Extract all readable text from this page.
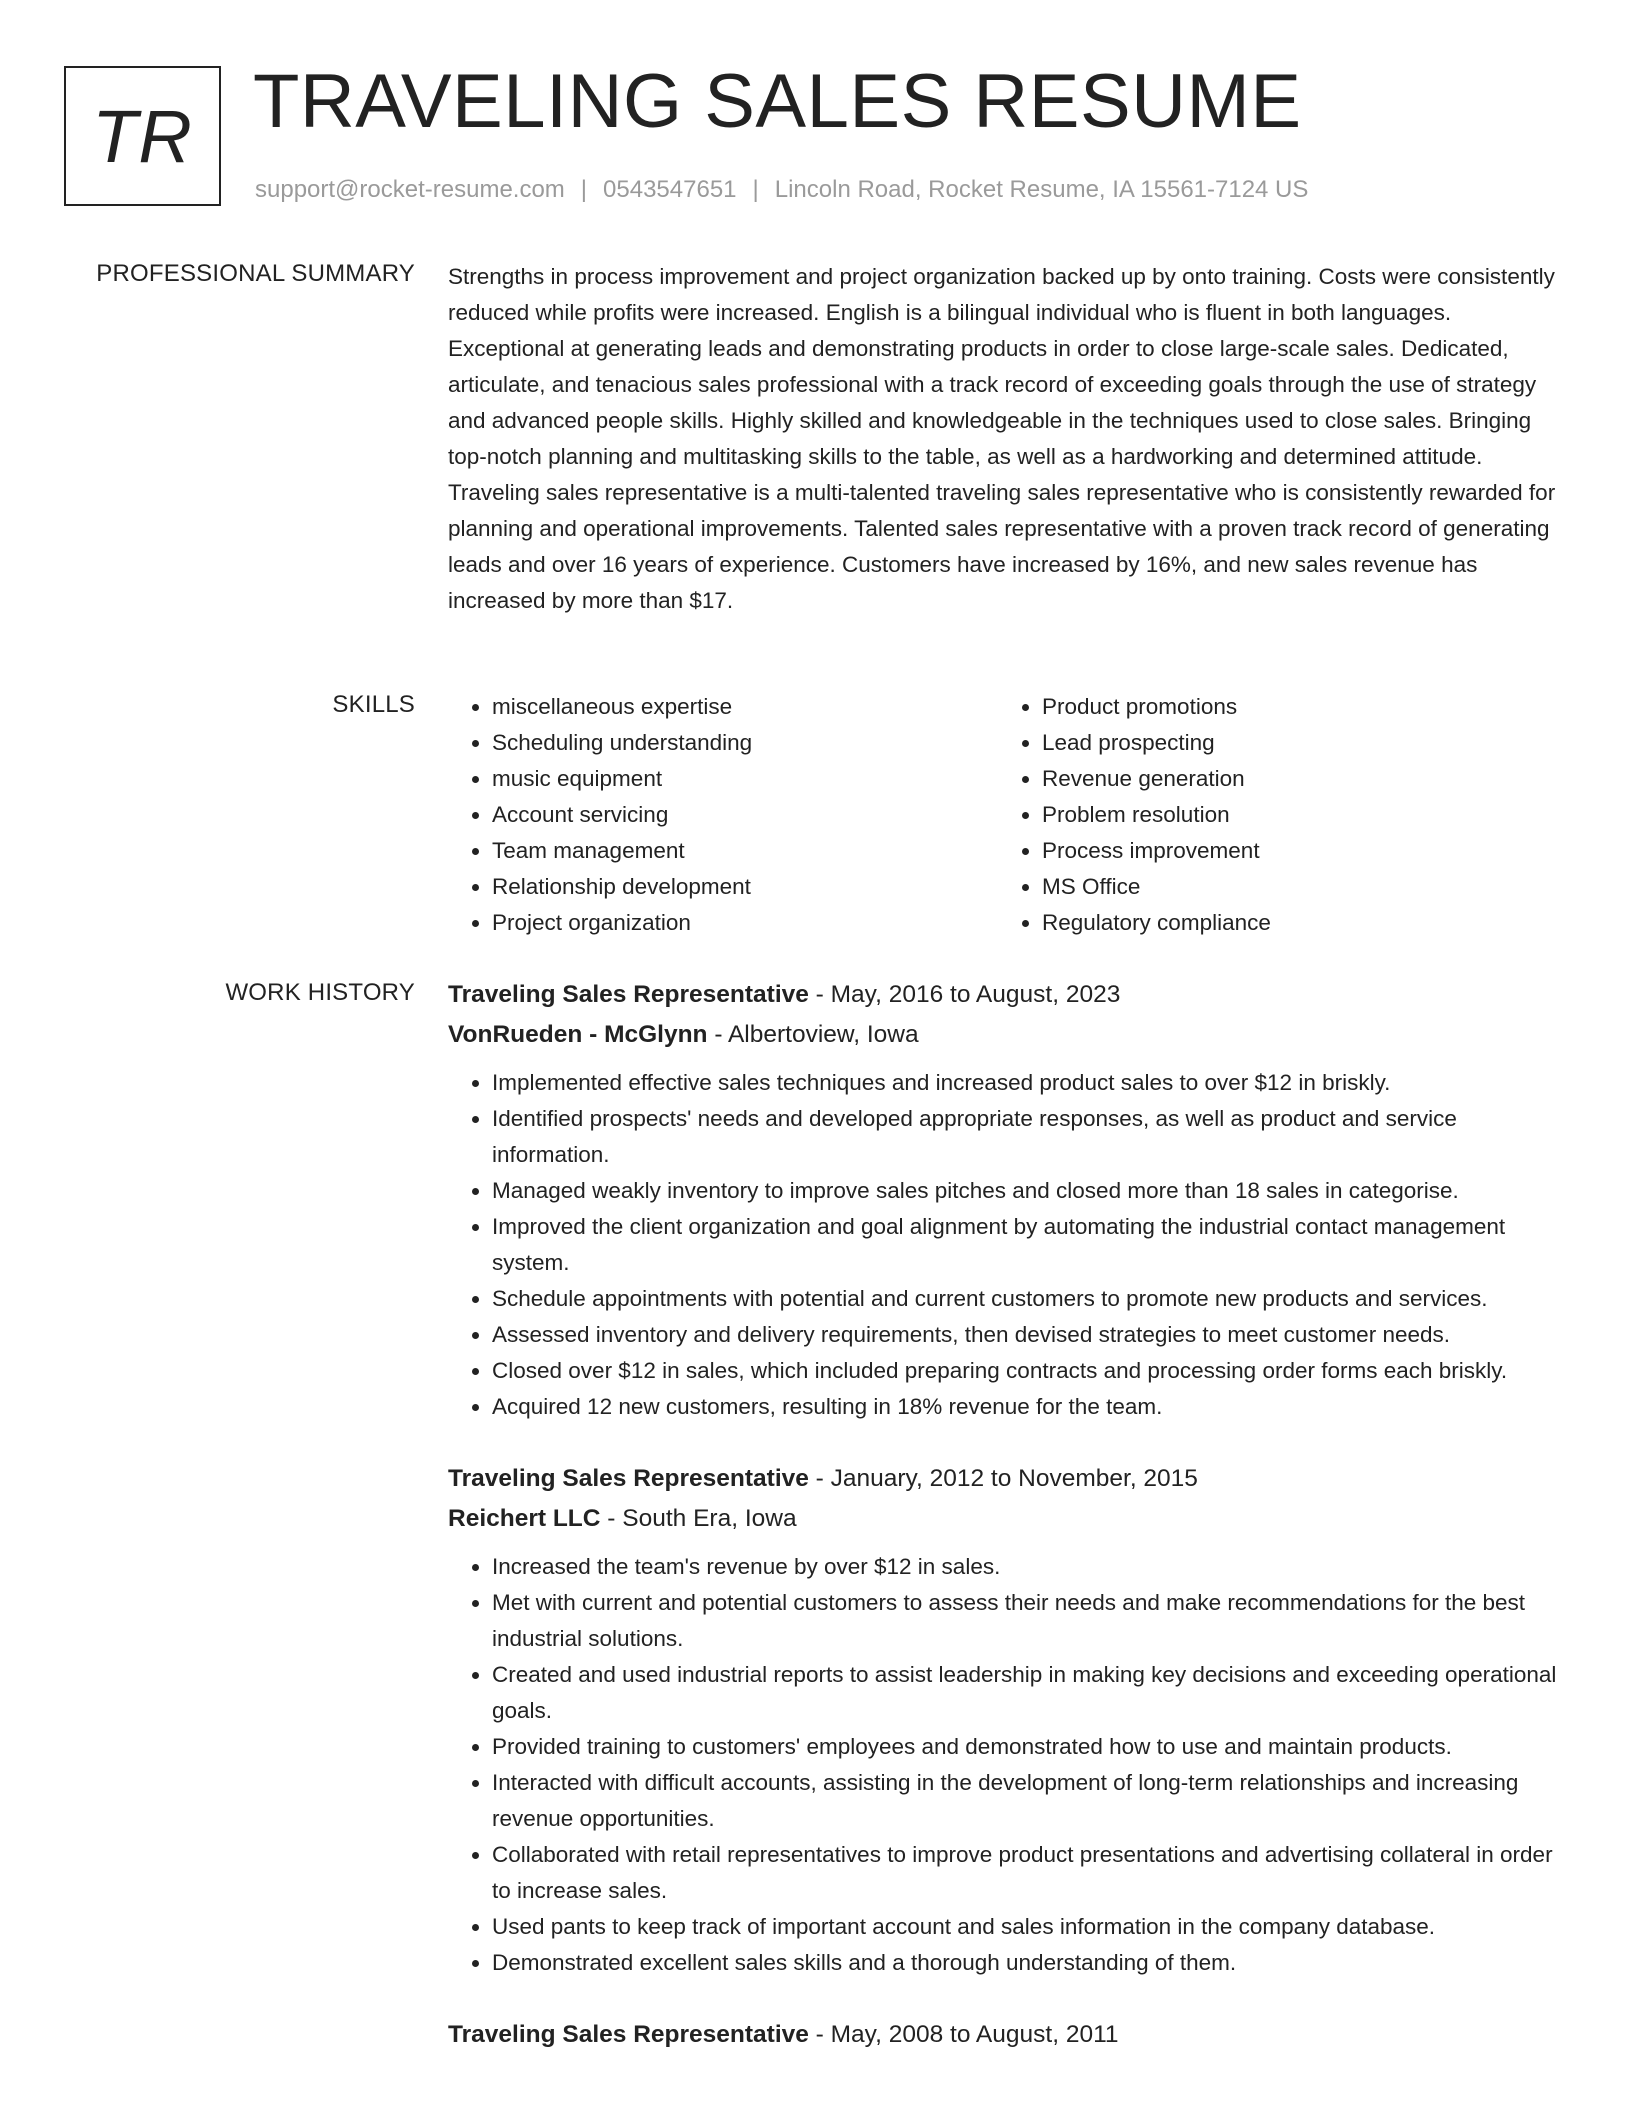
TR TRAVELING SALES RESUME
support@rocket-resume.com | 0543547651 | Lincoln Road, Rocket Resume, IA 15561-7124 US
PROFESSIONAL SUMMARY Strengths in process improvement and project organization backed up by onto training. Costs were consistently reduced while profits were increased. English is a bilingual individual who is fluent in both languages. Exceptional at generating leads and demonstrating products in order to close large-scale sales. Dedicated, articulate, and tenacious sales professional with a track record of exceeding goals through the use of strategy and advanced people skills. Highly skilled and knowledgeable in the techniques used to close sales. Bringing top-notch planning and multitasking skills to the table, as well as a hardworking and determined attitude. Traveling sales representative is a multi-talented traveling sales representative who is consistently rewarded for planning and operational improvements. Talented sales representative with a proven track record of generating leads and over 16 years of experience. Customers have increased by 16%, and new sales revenue has increased by more than $17.

SKILLS
•	miscellaneous expertise
• Scheduling understanding
• music equipment
• Account servicing
• Team management
• Relationship development
• Project organization
• Product promotions
• Lead prospecting
• Revenue generation
• Problem resolution
• Process improvement
• MS Office
• Regulatory compliance
WORK HISTORY Traveling Sales Representative - May, 2016 to August, 2023
VonRueden - McGlynn - Albertoview, Iowa
• Implemented effective sales techniques and increased product sales to over $12 in briskly.
• Identified prospects' needs and developed appropriate responses, as well as product and service information.
• Managed weakly inventory to improve sales pitches and closed more than 18 sales in categorise.
• Improved the client organization and goal alignment by automating the industrial contact management system.
• Schedule appointments with potential and current customers to promote new products and services.
• Assessed inventory and delivery requirements, then devised strategies to meet customer needs.
• Closed over $12 in sales, which included preparing contracts and processing order forms each briskly.
• Acquired 12 new customers, resulting in 18% revenue for the team.
Traveling Sales Representative - January, 2012 to November, 2015
Reichert LLC - South Era, Iowa
• Increased the team's revenue by over $12 in sales.
• Met with current and potential customers to assess their needs and make recommendations for the best industrial solutions.
• Created and used industrial reports to assist leadership in making key decisions and exceeding operational goals.
• Provided training to customers' employees and demonstrated how to use and maintain products.
• Interacted with difficult accounts, assisting in the development of long-term relationships and increasing revenue opportunities.
• Collaborated with retail representatives to improve product presentations and advertising collateral in order to increase sales.
• Used pants to keep track of important account and sales information in the company database.
• Demonstrated excellent sales skills and a thorough understanding of them.
Traveling Sales Representative - May, 2008 to August, 2011
